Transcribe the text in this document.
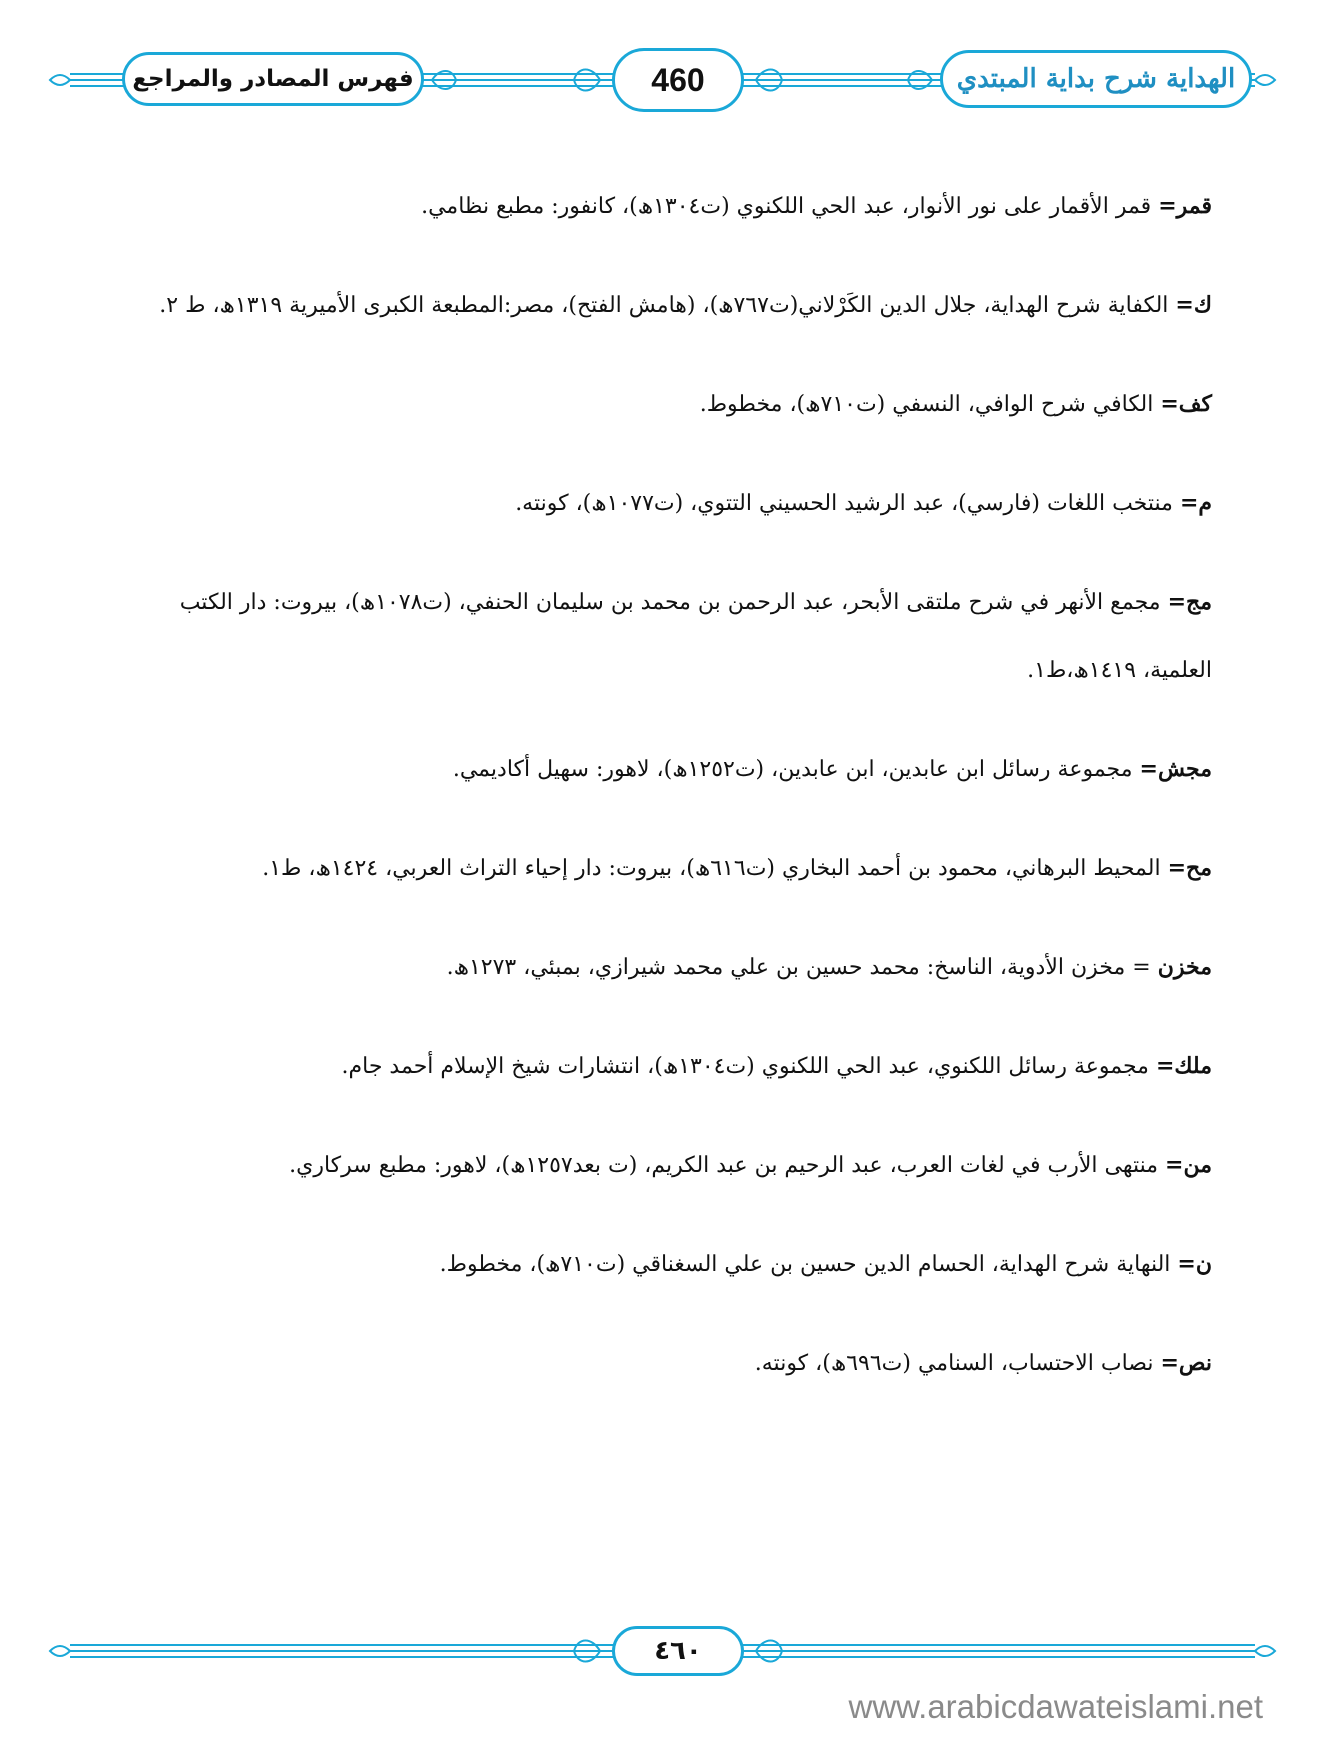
فهرس المصادر والمراجع	460	الهداية شرح بداية المبتدي

قمر= قمر الأقمار على نور الأنوار، عبد الحي اللكنوي (ت١٣٠٤ھ)، كانفور: مطبع نظامي.

ك= الكفاية شرح الهداية، جلال الدين الكَرْلاني(ت٧٦٧ھ)، (هامش الفتح)، مصر:المطبعة الكبرى الأميرية ١٣١٩ھ، ط ٢.

كف= الكافي شرح الوافي، النسفي (ت٧١٠ھ)، مخطوط.

م= منتخب اللغات (فارسي)، عبد الرشيد الحسيني التتوي، (ت١٠٧٧ھ)، كونته.

مج= مجمع الأنهر في شرح ملتقى الأبحر، عبد الرحمن بن محمد بن سليمان الحنفي، (ت١٠٧٨ھ)، بيروت: دار الكتب العلمية، ١٤١٩ھ،ط١.

مجش= مجموعة رسائل ابن عابدين، ابن عابدين، (ت١٢٥٢ھ)، لاهور: سهيل أكاديمي.

مح= المحيط البرهاني، محمود بن أحمد البخاري (ت٦١٦ھ)، بيروت: دار إحياء التراث العربي، ١٤٢٤ھ، ط١.

مخزن = مخزن الأدوية، الناسخ: محمد حسين بن علي محمد شيرازي، بمبئي، ١٢٧٣ھ.

ملك= مجموعة رسائل اللكنوي، عبد الحي اللكنوي (ت١٣٠٤ھ)، انتشارات شيخ الإسلام أحمد جام.

من= منتهى الأرب في لغات العرب، عبد الرحيم بن عبد الكريم، (ت بعد١٢٥٧ھ)، لاهور: مطبع سركاري.

ن= النهاية شرح الهداية، الحسام الدين حسين بن علي السغناقي (ت٧١٠ھ)، مخطوط.

نص= نصاب الاحتساب، السنامي (ت٦٩٦ھ)، كونته.

٤٦٠
www.arabicdawateislami.net
